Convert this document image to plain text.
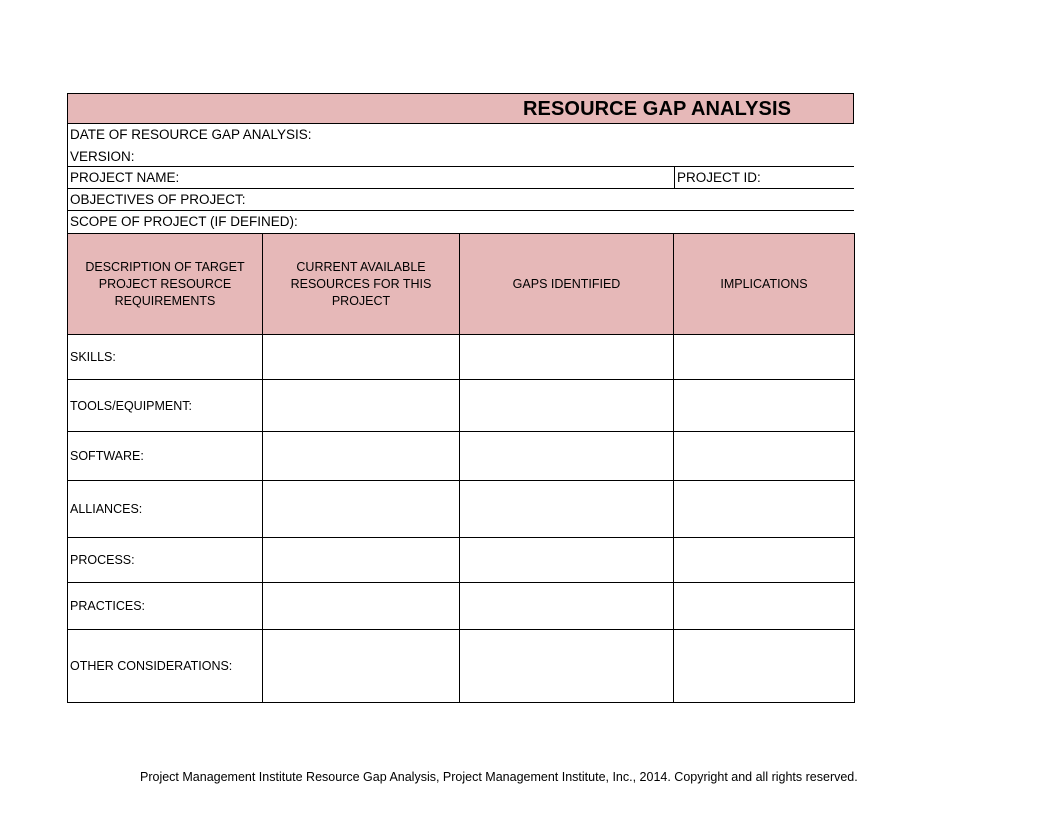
RESOURCE GAP ANALYSIS
DATE OF RESOURCE GAP ANALYSIS:
VERSION:
PROJECT NAME:	PROJECT ID:
OBJECTIVES OF PROJECT:
SCOPE OF PROJECT (IF DEFINED):
DESCRIPTION OF TARGET PROJECT RESOURCE REQUIREMENTS	CURRENT AVAILABLE RESOURCES FOR THIS PROJECT	GAPS IDENTIFIED	IMPLICATIONS
SKILLS:			
TOOLS/EQUIPMENT:			
SOFTWARE:			
ALLIANCES:			
PROCESS:			
PRACTICES:			
OTHER CONSIDERATIONS:			
Project Management Institute Resource Gap Analysis, Project Management Institute, Inc., 2014. Copyright and all rights reserved.
